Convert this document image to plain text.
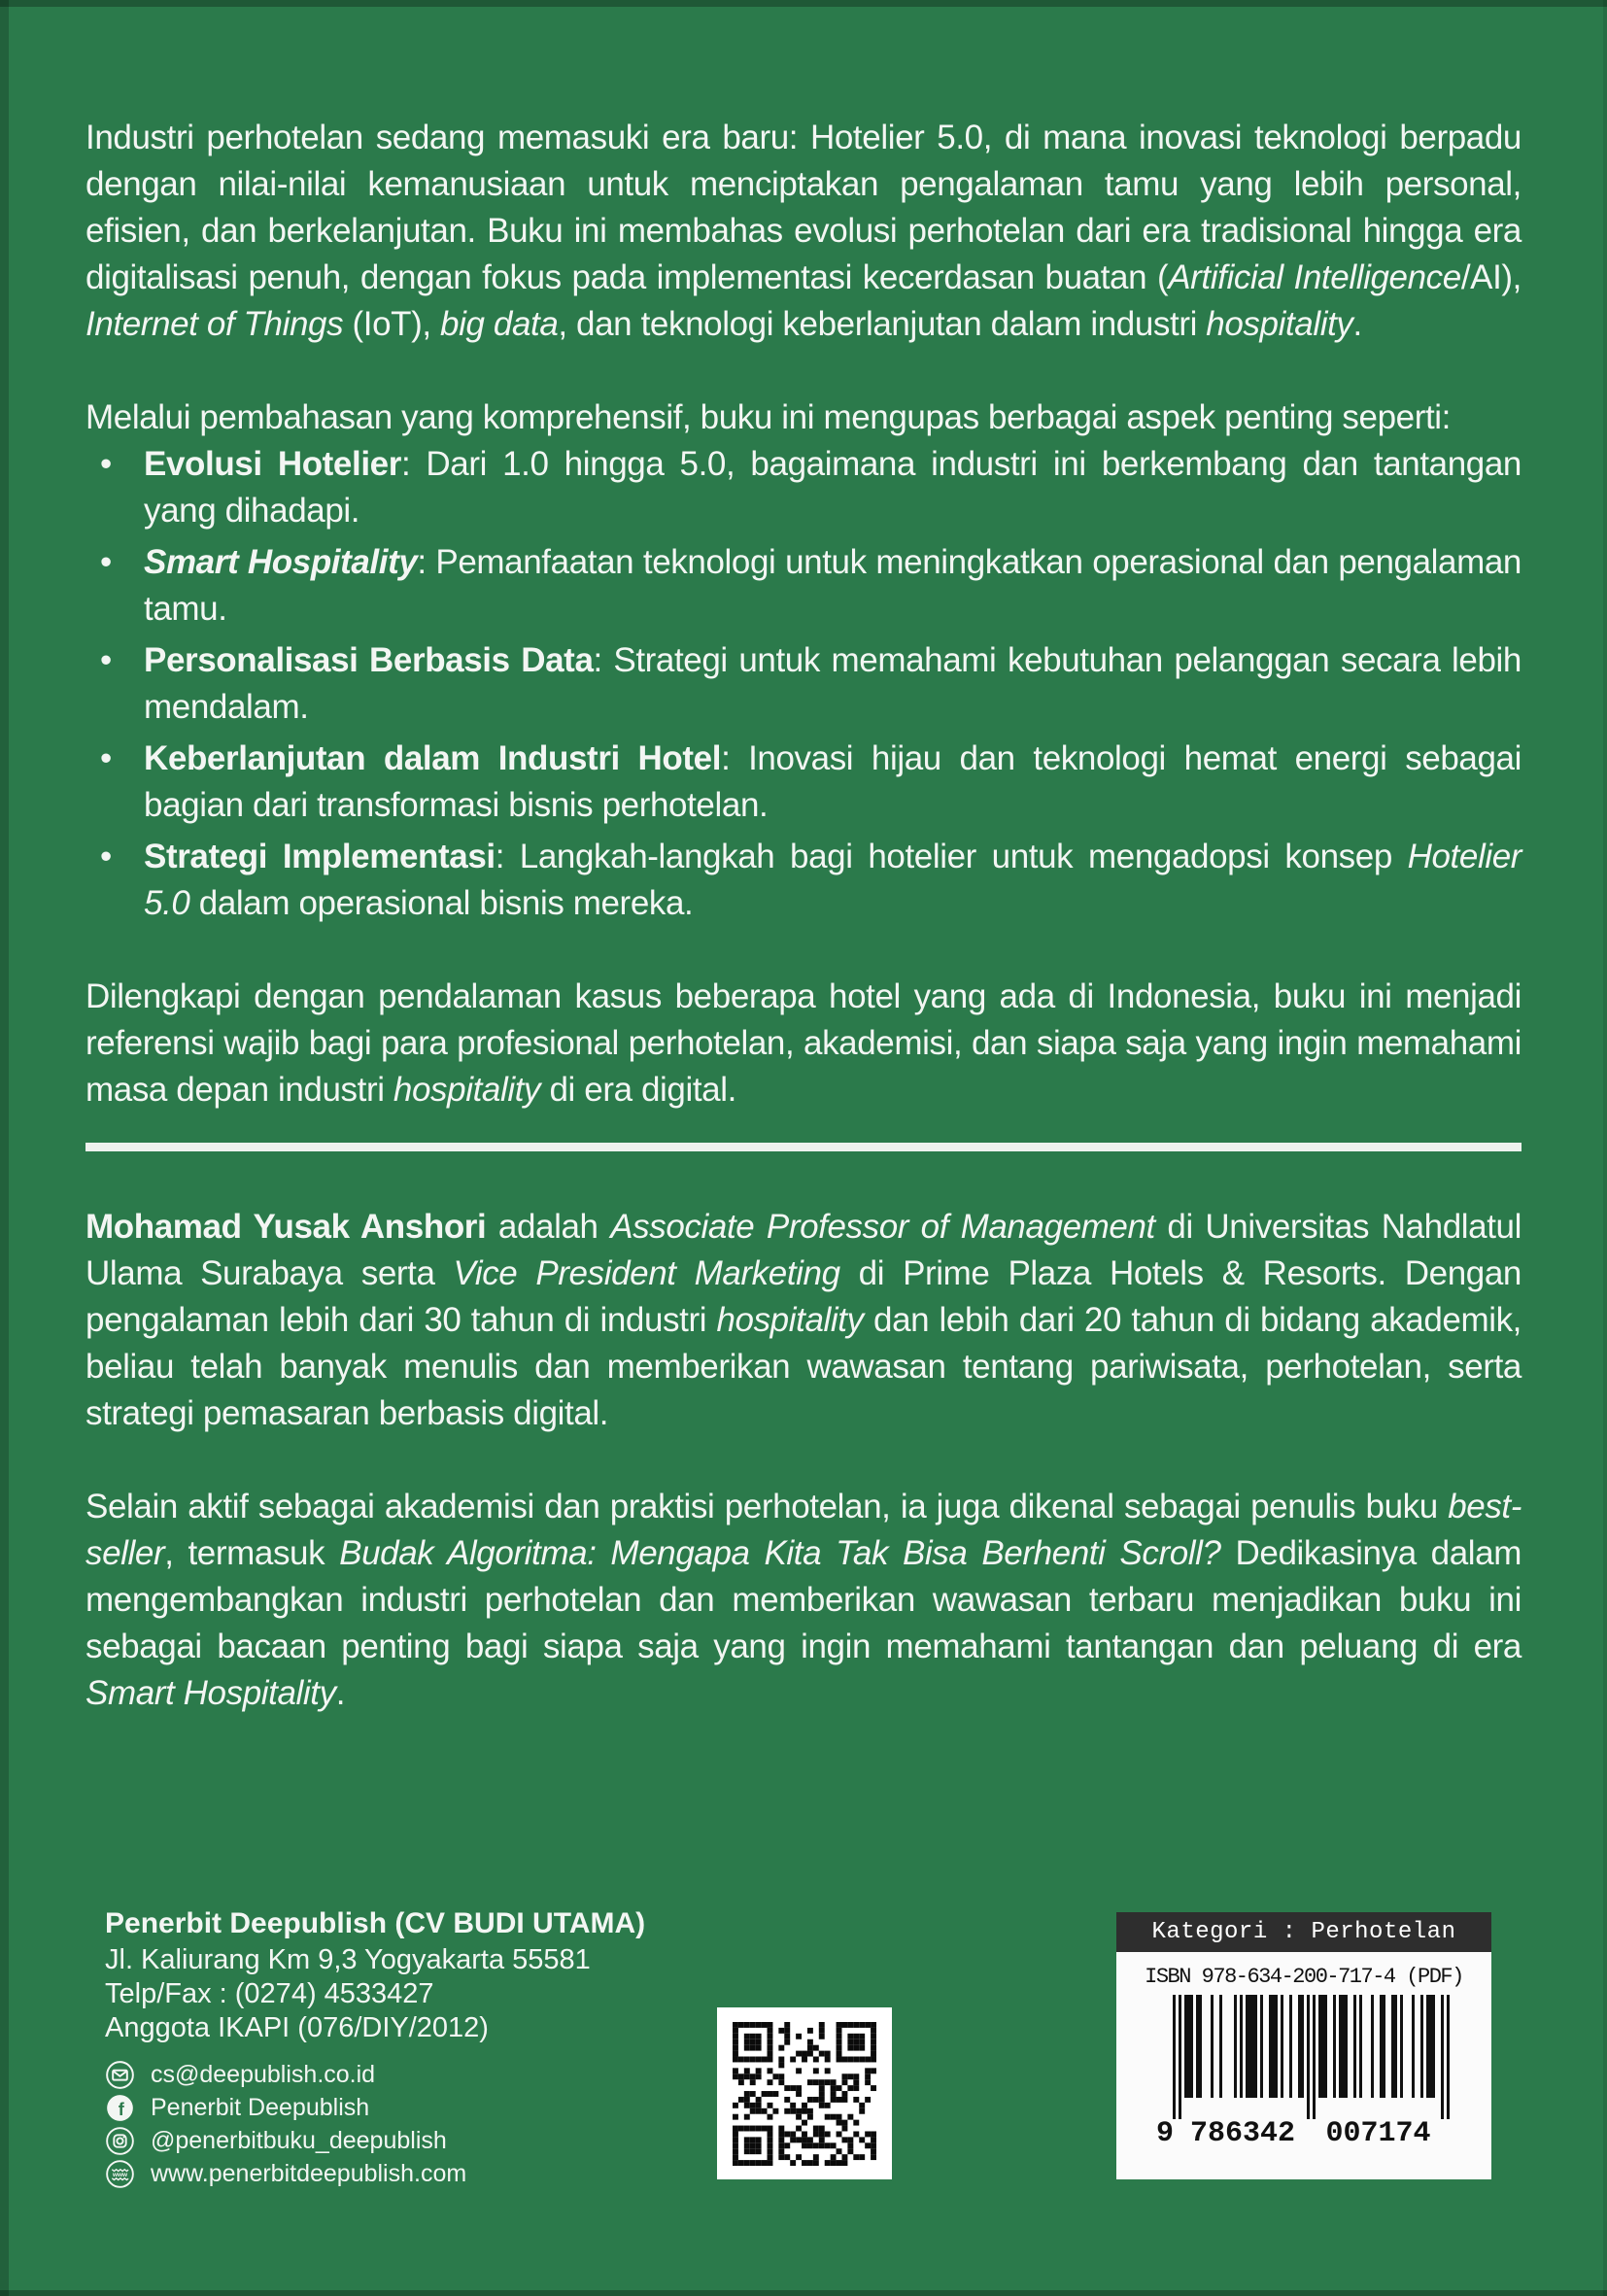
Industri perhotelan sedang memasuki era baru: Hotelier 5.0, di mana inovasi teknologi berpadu dengan nilai-nilai kemanusiaan untuk menciptakan pengalaman tamu yang lebih personal, efisien, dan berkelanjutan. Buku ini membahas evolusi perhotelan dari era tradisional hingga era digitalisasi penuh, dengan fokus pada implementasi kecerdasan buatan (Artificial Intelligence/AI), Internet of Things (IoT), big data, dan teknologi keberlanjutan dalam industri hospitality.

Melalui pembahasan yang komprehensif, buku ini mengupas berbagai aspek penting seperti:

• Evolusi Hotelier: Dari 1.0 hingga 5.0, bagaimana industri ini berkembang dan tantangan yang dihadapi.
• Smart Hospitality: Pemanfaatan teknologi untuk meningkatkan operasional dan pengalaman tamu.
• Personalisasi Berbasis Data: Strategi untuk memahami kebutuhan pelanggan secara lebih mendalam.
• Keberlanjutan dalam Industri Hotel: Inovasi hijau dan teknologi hemat energi sebagai bagian dari transformasi bisnis perhotelan.
• Strategi Implementasi: Langkah-langkah bagi hotelier untuk mengadopsi konsep Hotelier 5.0 dalam operasional bisnis mereka.

Dilengkapi dengan pendalaman kasus beberapa hotel yang ada di Indonesia, buku ini menjadi referensi wajib bagi para profesional perhotelan, akademisi, dan siapa saja yang ingin memahami masa depan industri hospitality di era digital.

Mohamad Yusak Anshori adalah Associate Professor of Management di Universitas Nahdlatul Ulama Surabaya serta Vice President Marketing di Prime Plaza Hotels & Resorts. Dengan pengalaman lebih dari 30 tahun di industri hospitality dan lebih dari 20 tahun di bidang akademik, beliau telah banyak menulis dan memberikan wawasan tentang pariwisata, perhotelan, serta strategi pemasaran berbasis digital.

Selain aktif sebagai akademisi dan praktisi perhotelan, ia juga dikenal sebagai penulis buku best-seller, termasuk Budak Algoritma: Mengapa Kita Tak Bisa Berhenti Scroll? Dedikasinya dalam mengembangkan industri perhotelan dan memberikan wawasan terbaru menjadikan buku ini sebagai bacaan penting bagi siapa saja yang ingin memahami tantangan dan peluang di era Smart Hospitality.

Penerbit Deepublish (CV BUDI UTAMA)
Jl. Kaliurang Km 9,3 Yogyakarta 55581
Telp/Fax : (0274) 4533427
Anggota IKAPI (076/DIY/2012)
cs@deepublish.co.id
f Penerbit Deepublish
@penerbitbuku_deepublish
www www.penerbitdeepublish.com
Kategori : Perhotelan
ISBN 978-634-200-717-4 (PDF)
9 786342 007174
